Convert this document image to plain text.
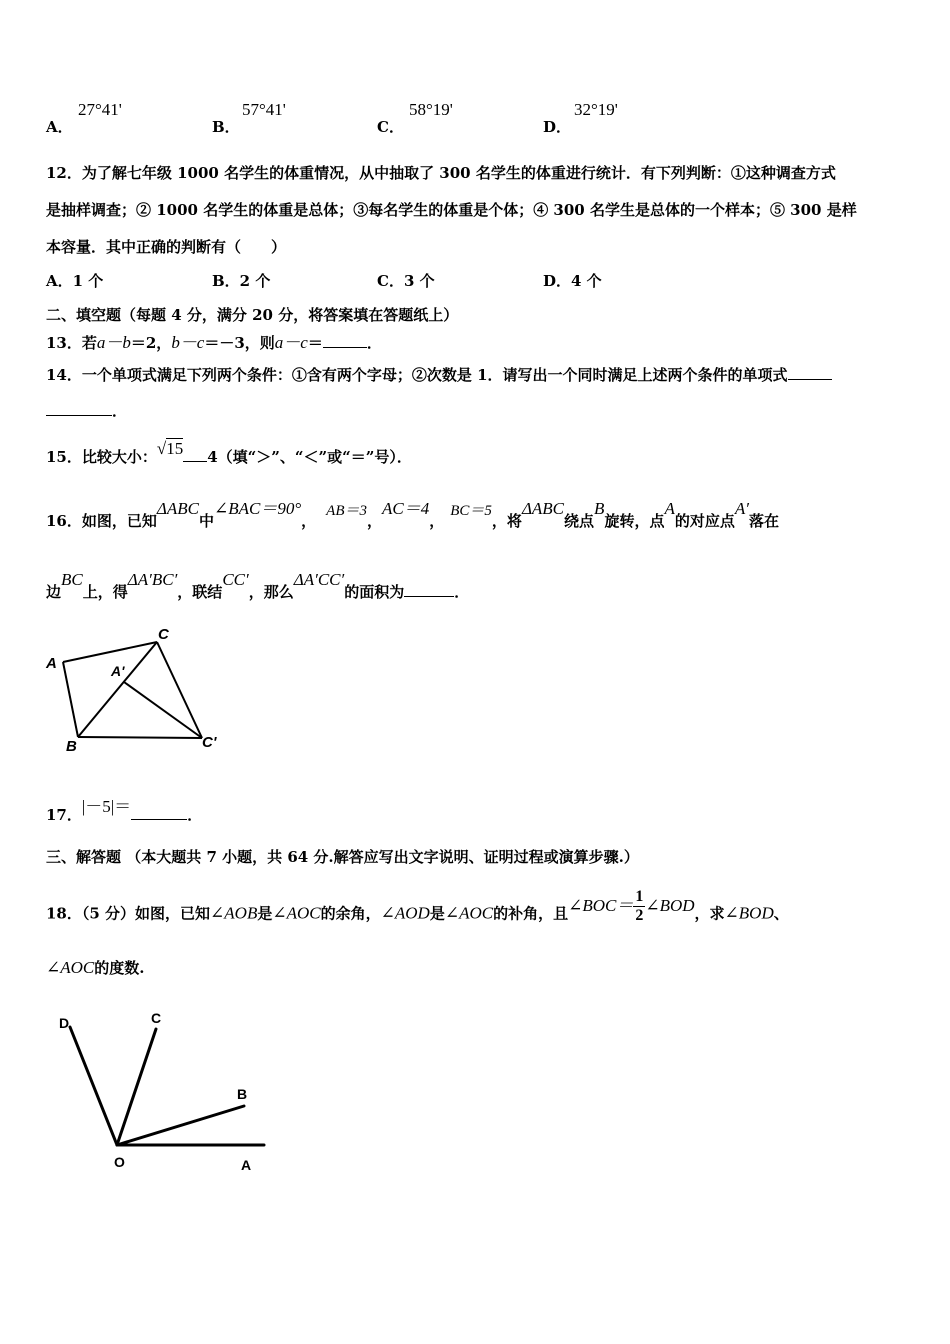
A．
27°41'
B．
57°41'
C．
58°19'
D．
32°19'
12．为了解七年级 1000 名学生的体重情况，从中抽取了 300 名学生的体重进行统计．有下列判断：①这种调查方式
是抽样调查；② 1000 名学生的体重是总体；③每名学生的体重是个体；④ 300 名学生是总体的一个样本；⑤ 300 是样
本容量．其中正确的判断有（　　）
A．1 个	B．2 个	C．3 个	D．4 个
二、填空题（每题 4 分，满分 20 分，将答案填在答题纸上）
13．若a－b＝2，b－c＝－3，则a－c＝	．
14．一个单项式满足下列两个条件：①含有两个字母；②次数是 1．请写出一个同时满足上述两个条件的单项式
．
15．比较大小：√15 4（填“＞”、“＜”或“＝”号）．
16．如图，已知ΔABC中∠BAC＝90°，AB＝3，AC＝4，BC＝5，将ΔABC绕点B旋转，点A的对应点A′落在
边BC上，得ΔA′BC′，联结CC′，那么ΔA′CC′的面积为	．
A	A'
C
B	C'
17．|－5|＝	．
三、解答题 （本大题共 7 小题，共 64 分.解答应写出文字说明、证明过程或演算步骤.）
18．（5 分）如图，已知∠AOB是∠AOC的余角，∠AOD是∠AOC的补角，且∠BOC＝ $\frac{1}{2}$ ∠BOD，求∠BOD、
∠AOC的度数.
D	C
B
O	A
